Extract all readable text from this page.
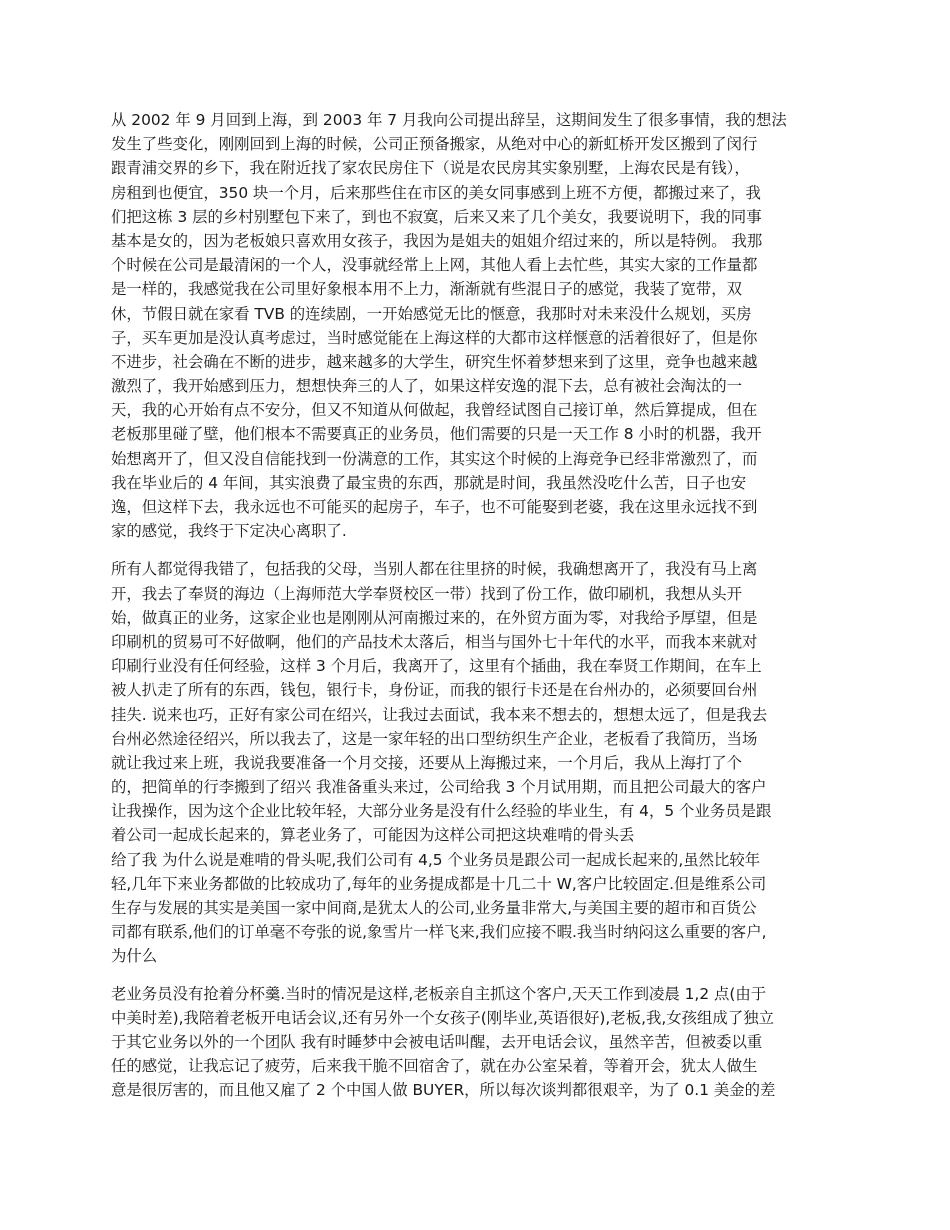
从 2002 年 9 月回到上海，到 2003 年 7 月我向公司提出辞呈，这期间发生了很多事情，我的想法
发生了些变化，刚刚回到上海的时候，公司正预备搬家，从绝对中心的新虹桥开发区搬到了闵行
跟青浦交界的乡下，我在附近找了家农民房住下（说是农民房其实象别墅，上海农民是有钱），
房租到也便宜，350 块一个月，后来那些住在市区的美女同事感到上班不方便，都搬过来了，我
们把这栋 3 层的乡村别墅包下来了，到也不寂寞，后来又来了几个美女，我要说明下，我的同事
基本是女的，因为老板娘只喜欢用女孩子，我因为是姐夫的姐姐介绍过来的，所以是特例。 我那
个时候在公司是最清闲的一个人，没事就经常上上网，其他人看上去忙些，其实大家的工作量都
是一样的，我感觉我在公司里好象根本用不上力，渐渐就有些混日子的感觉，我装了宽带，双
休，节假日就在家看 TVB 的连续剧，一开始感觉无比的惬意，我那时对未来没什么规划，买房
子，买车更加是没认真考虑过，当时感觉能在上海这样的大都市这样惬意的活着很好了，但是你
不进步，社会确在不断的进步，越来越多的大学生，研究生怀着梦想来到了这里，竞争也越来越
激烈了，我开始感到压力，想想快奔三的人了，如果这样安逸的混下去，总有被社会淘汰的一
天，我的心开始有点不安分，但又不知道从何做起，我曾经试图自己接订单，然后算提成，但在
老板那里碰了壁，他们根本不需要真正的业务员，他们需要的只是一天工作 8 小时的机器，我开
始想离开了，但又没自信能找到一份满意的工作，其实这个时候的上海竞争已经非常激烈了，而
我在毕业后的 4 年间，其实浪费了最宝贵的东西，那就是时间，我虽然没吃什么苦，日子也安
逸，但这样下去，我永远也不可能买的起房子，车子，也不可能娶到老婆，我在这里永远找不到
家的感觉，我终于下定决心离职了.
所有人都觉得我错了，包括我的父母，当别人都在往里挤的时候，我确想离开了，我没有马上离
开，我去了奉贤的海边（上海师范大学奉贤校区一带）找到了份工作，做印刷机，我想从头开
始，做真正的业务，这家企业也是刚刚从河南搬过来的，在外贸方面为零，对我给予厚望，但是
印刷机的贸易可不好做啊，他们的产品技术太落后，相当与国外七十年代的水平，而我本来就对
印刷行业没有任何经验，这样 3 个月后，我离开了，这里有个插曲，我在奉贤工作期间，在车上
被人扒走了所有的东西，钱包，银行卡，身份证，而我的银行卡还是在台州办的，必须要回台州
挂失. 说来也巧，正好有家公司在绍兴，让我过去面试，我本来不想去的，想想太远了，但是我去
台州必然途径绍兴，所以我去了，这是一家年轻的出口型纺织生产企业，老板看了我简历，当场
就让我过来上班，我说我要准备一个月交接，还要从上海搬过来，一个月后，我从上海打了个
的，把简单的行李搬到了绍兴 我准备重头来过，公司给我 3 个月试用期，而且把公司最大的客户
让我操作，因为这个企业比较年轻，大部分业务是没有什么经验的毕业生，有 4，5 个业务员是跟
着公司一起成长起来的，算老业务了，可能因为这样公司把这块难啃的骨头丢
给了我 为什么说是难啃的骨头呢,我们公司有 4,5 个业务员是跟公司一起成长起来的,虽然比较年
轻,几年下来业务都做的比较成功了,每年的业务提成都是十几二十 W,客户比较固定.但是维系公司
生存与发展的其实是美国一家中间商,是犹太人的公司,业务量非常大,与美国主要的超市和百货公
司都有联系,他们的订单毫不夸张的说,象雪片一样飞来,我们应接不暇.我当时纳闷这么重要的客户,
为什么
老业务员没有抢着分杯羹.当时的情况是这样,老板亲自主抓这个客户,天天工作到凌晨 1,2 点(由于
中美时差),我陪着老板开电话会议,还有另外一个女孩子(刚毕业,英语很好),老板,我,女孩组成了独立
于其它业务以外的一个团队 我有时睡梦中会被电话叫醒，去开电话会议，虽然辛苦，但被委以重
任的感觉，让我忘记了疲劳，后来我干脆不回宿舍了，就在办公室呆着，等着开会，犹太人做生
意是很厉害的，而且他又雇了 2 个中国人做 BUYER，所以每次谈判都很艰辛，为了 0.1 美金的差
